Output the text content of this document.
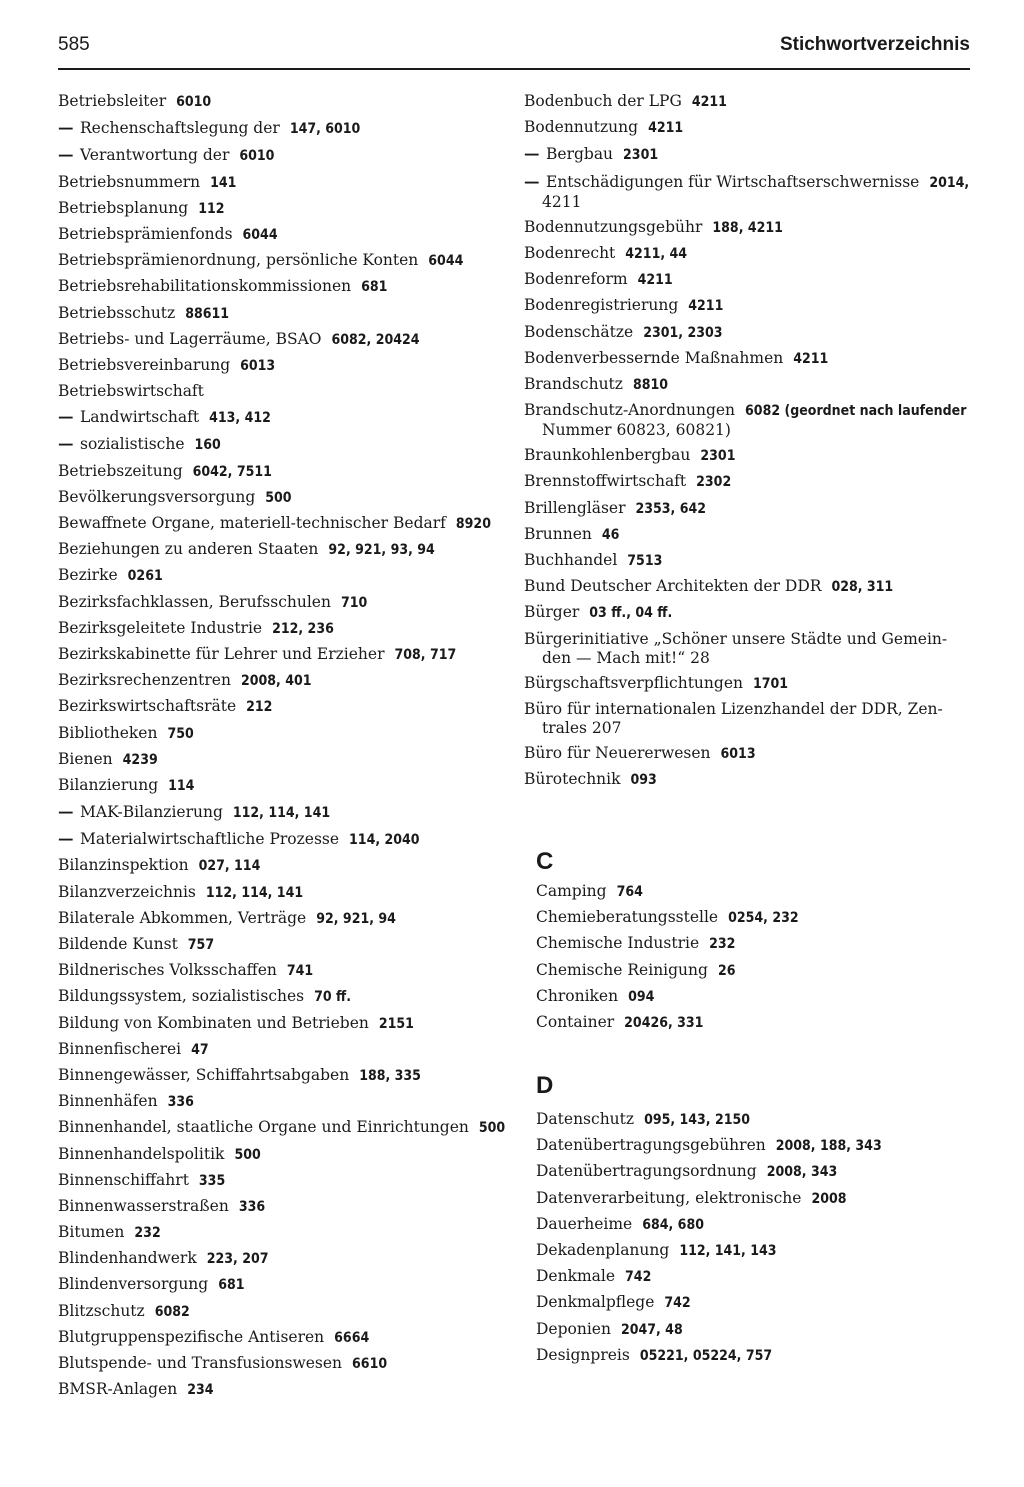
585	Stichwortverzeichnis
Betriebsleiter 6010
— Rechenschaftslegung der 147, 6010
— Verantwortung der 6010
Betriebsnummern 141
Betriebsplanung 112
Betriebsprämienfonds 6044
Betriebsprämienordnung, persönliche Konten 6044
Betriebsrehabilitationskommissionen 681
Betriebsschutz 88611
Betriebs- und Lagerräume, BSAO 6082, 20424
Betriebsvereinbarung 6013
Betriebswirtschaft
— Landwirtschaft 413, 412
— sozialistische 160
Betriebszeitung 6042, 7511
Bevölkerungsversorgung 500
Bewaffnete Organe, materiell-technischer Bedarf 8920
Beziehungen zu anderen Staaten 92, 921, 93, 94
Bezirke 0261
Bezirksfachklassen, Berufsschulen 710
Bezirksgeleitete Industrie 212, 236
Bezirkskabinette für Lehrer und Erzieher 708, 717
Bezirksrechenzentren 2008, 401
Bezirkswirtschaftsräte 212
Bibliotheken 750
Bienen 4239
Bilanzierung 114
— MAK-Bilanzierung 112, 114, 141
— Materialwirtschaftliche Prozesse 114, 2040
Bilanzinspektion 027, 114
Bilanzverzeichnis 112, 114, 141
Bilaterale Abkommen, Verträge 92, 921, 94
Bildende Kunst 757
Bildnerisches Volksschaffen 741
Bildungssystem, sozialistisches 70 ff.
Bildung von Kombinaten und Betrieben 2151
Binnenfischerei 47
Binnengewässer, Schiffahrtsabgaben 188, 335
Binnenhäfen 336
Binnenhandel, staatliche Organe und Einrichtungen 500
Binnenhandelspolitik 500
Binnenschiffahrt 335
Binnenwasserstraßen 336
Bitumen 232
Blindenhandwerk 223, 207
Blindenversorgung 681
Blitzschutz 6082
Blutgruppenspezifische Antiseren 6664
Blutspende- und Transfusionswesen 6610
BMSR-Anlagen 234
Bodenbuch der LPG 4211
Bodennutzung 4211
— Bergbau 2301
— Entschädigungen für Wirtschaftserschwernisse 2014,
4211
Bodennutzungsgebühr 188, 4211
Bodenrecht 4211, 44
Bodenreform 4211
Bodenregistrierung 4211
Bodenschätze 2301, 2303
Bodenverbessernde Maßnahmen 4211
Brandschutz 8810
Brandschutz-Anordnungen 6082 (geordnet nach laufender
Nummer 60823, 60821)
Braunkohlenbergbau 2301
Brennstoffwirtschaft 2302
Brillengläser 2353, 642
Brunnen 46
Buchhandel 7513
Bund Deutscher Architekten der DDR 028, 311
Bürger 03 ff., 04 ff.
Bürgerinitiative „Schöner unsere Städte und Gemein-
den — Mach mit!“ 28
Bürgschaftsverpflichtungen 1701
Büro für internationalen Lizenzhandel der DDR, Zen-
trales 207
Büro für Neuererwesen 6013
Bürotechnik 093
C
Camping 764
Chemieberatungsstelle 0254, 232
Chemische Industrie 232
Chemische Reinigung 26
Chroniken 094
Container 20426, 331
D
Datenschutz 095, 143, 2150
Datenübertragungsgebühren 2008, 188, 343
Datenübertragungsordnung 2008, 343
Datenverarbeitung, elektronische 2008
Dauerheime 684, 680
Dekadenplanung 112, 141, 143
Denkmale 742
Denkmalpflege 742
Deponien 2047, 48
Designpreis 05221, 05224, 757
